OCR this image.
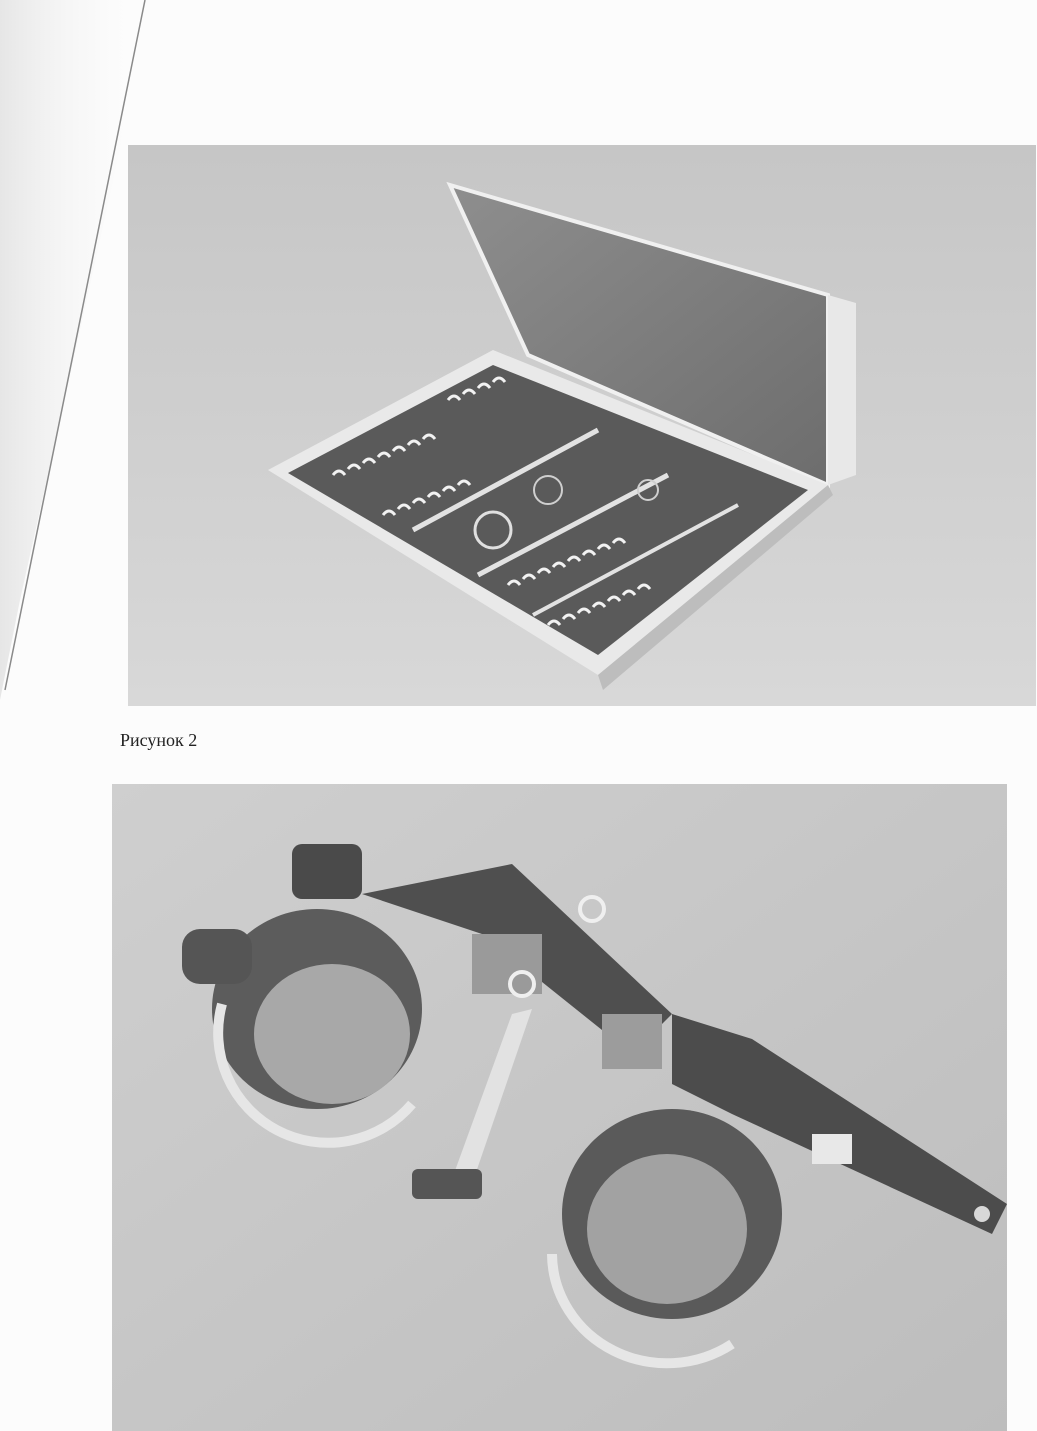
Рисунок 2
